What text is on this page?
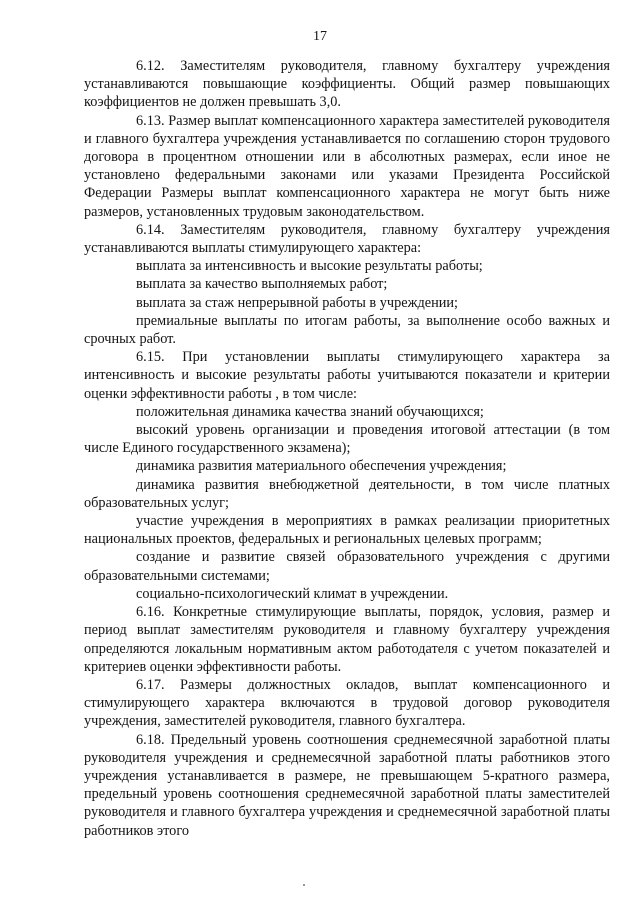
17

6.12. Заместителям руководителя, главному бухгалтеру учреждения устанавливаются повышающие коэффициенты. Общий размер повышающих коэффициентов не должен превышать 3,0.

6.13. Размер выплат компенсационного характера заместителей руководителя и главного бухгалтера учреждения устанавливается по соглашению сторон трудового договора в процентном отношении или в абсолютных размерах, если иное не установлено федеральными законами или указами Президента Российской Федерации Размеры выплат компенсационного характера не могут быть ниже размеров, установленных трудовым законодательством.

6.14. Заместителям руководителя, главному бухгалтеру учреждения устанавливаются выплаты стимулирующего характера:

выплата за интенсивность и высокие результаты работы;

выплата за качество выполняемых работ;

выплата за стаж непрерывной работы в учреждении;

премиальные выплаты по итогам работы, за выполнение особо важных и срочных работ.

6.15. При установлении выплаты стимулирующего характера за интенсивность и высокие результаты работы учитываются показатели и критерии оценки эффективности работы , в том числе:

положительная динамика качества знаний обучающихся;

высокий уровень организации и проведения итоговой аттестации (в том числе Единого государственного экзамена);

динамика развития материального обеспечения учреждения;

динамика развития внебюджетной деятельности, в том числе платных образовательных услуг;

участие учреждения в мероприятиях в рамках реализации приоритетных национальных проектов, федеральных и региональных целевых программ;

создание и развитие связей образовательного учреждения с другими образовательными системами;

социально-психологический климат в учреждении.

6.16. Конкретные стимулирующие выплаты, порядок, условия, размер и период выплат заместителям руководителя и главному бухгалтеру учреждения определяются локальным нормативным актом работодателя с учетом показателей и критериев оценки эффективности работы.

6.17. Размеры должностных окладов, выплат компенсационного и стимулирующего характера включаются в трудовой договор руководителя учреждения, заместителей руководителя, главного бухгалтера.

6.18. Предельный уровень соотношения среднемесячной заработной платы руководителя учреждения и среднемесячной заработной платы работников этого учреждения устанавливается в размере, не превышающем 5-кратного размера, предельный уровень соотношения среднемесячной заработной платы заместителей руководителя и главного бухгалтера учреждения и среднемесячной заработной платы работников этого
